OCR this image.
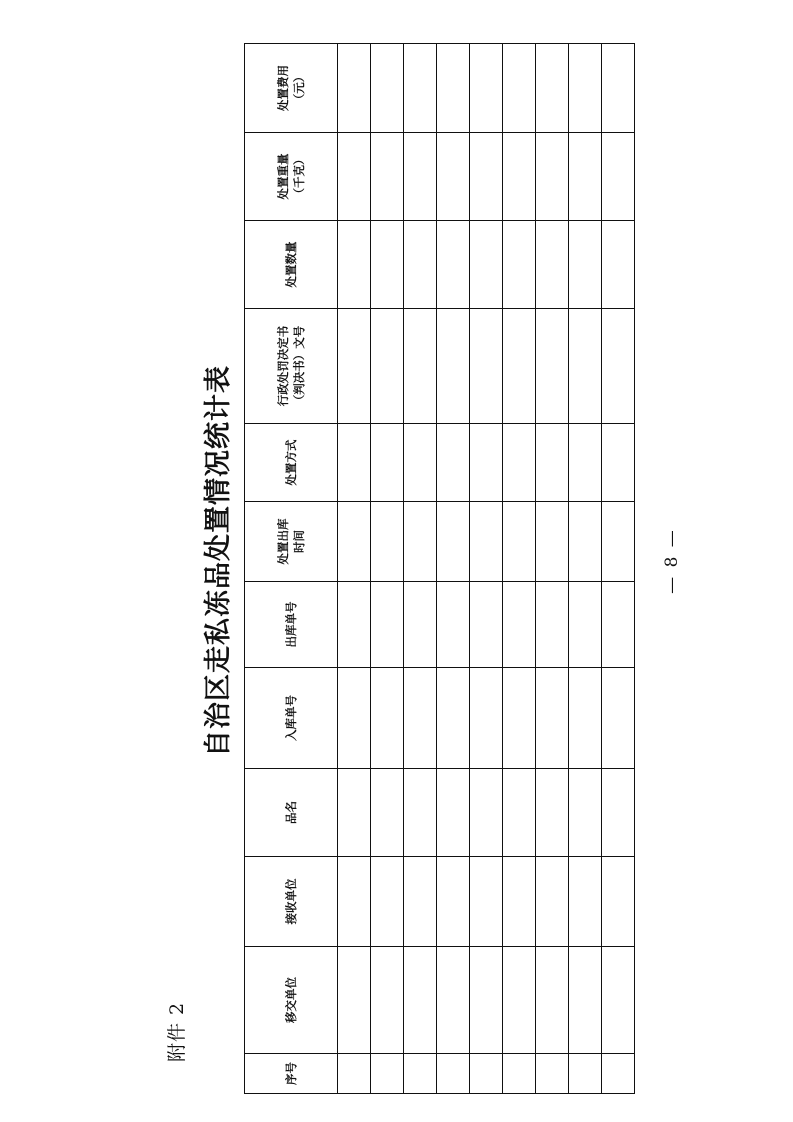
附件 2
自治区走私冻品处置情况统计表
序号	移交单位	接收单位	品名	入库单号	出库单号	处置出库 时间	处置方式	行政处罚决定书 （判决书）文号	处置数量	处置重量 （千克）	处置费用 （元）

— 8 —
